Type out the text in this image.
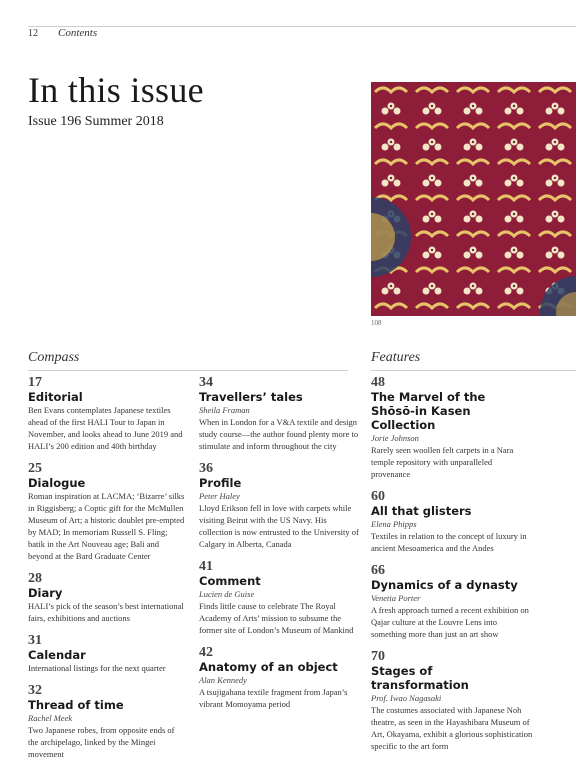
12 Contents
In this issue
Issue 196 Summer 2018
108
Compass	Features
17
Editorial
Ben Evans contemplates Japanese textiles ahead of the first HALI Tour to Japan in November, and looks ahead to June 2019 and HALI’s 200 edition and 40th birthday
25
Dialogue
Roman inspiration at LACMA; ‘Bizarre’ silks in Riggisberg; a Coptic gift for the McMullen Museum of Art; a historic doublet pre-empted by MAD; In memoriam Russell S. Fling; batik in the Art Nouveau age; Bali and beyond at the Bard Graduate Center
28
Diary
HALI’s pick of the season’s best international fairs, exhibitions and auctions
31
Calendar
International listings for the next quarter
32
Thread of time
Rachel Meek
Two Japanese robes, from opposite ends of the archipelago, linked by the Mingei movement
34
Travellers’ tales
Sheila Framan
When in London for a V&A textile and design study course—the author found plenty more to stimulate and inform throughout the city
36
Profile
Peter Haley
Lloyd Erikson fell in love with carpets while visiting Beirut with the US Navy. His collection is now entrusted to the University of Calgary in Alberta, Canada
41
Comment
Lucien de Guise
Finds little cause to celebrate The Royal Academy of Arts’ mission to subsume the former site of London’s Museum of Mankind
42
Anatomy of an object
Alan Kennedy
A tsujigahana textile fragment from Japan’s vibrant Momoyama period
48
The Marvel of the Shōsō-in Kasen Collection
Jorie Johnson
Rarely seen woollen felt carpets in a Nara temple repository with unparalleled provenance
60
All that glisters
Elena Phipps
Textiles in relation to the concept of luxury in ancient Mesoamerica and the Andes
66
Dynamics of a dynasty
Venetia Porter
A fresh approach turned a recent exhibition on Qajar culture at the Louvre Lens into something more than just an art show
70
Stages of transformation
Prof. Iwao Nagasaki
The costumes associated with Japanese Noh theatre, as seen in the Hayashibara Museum of Art, Okayama, exhibit a glorious sophistication specific to the art form
